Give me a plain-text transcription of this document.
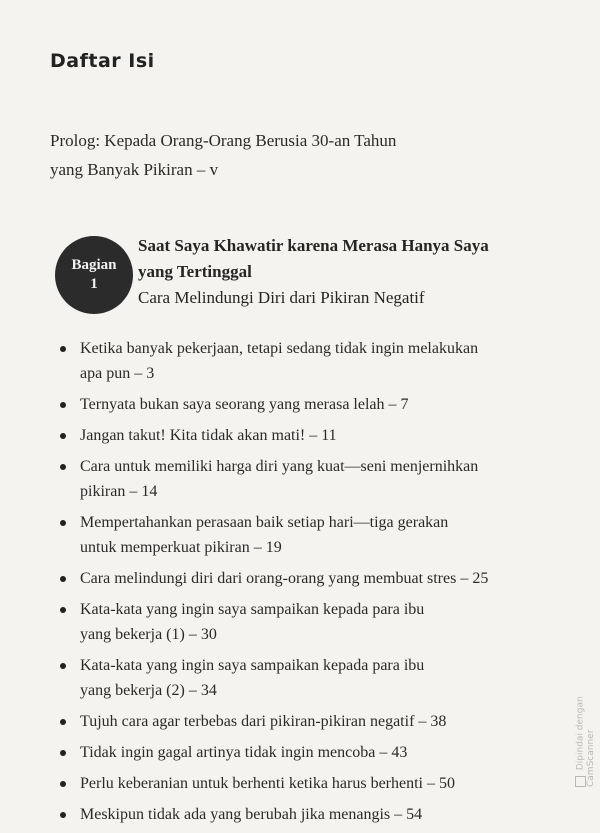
Daftar Isi
Prolog: Kepada Orang-Orang Berusia 30-an Tahun
yang Banyak Pikiran – v
Bagian
1
Saat Saya Khawatir karena Merasa Hanya Saya
yang Tertinggal
Cara Melindungi Diri dari Pikiran Negatif
Ketika banyak pekerjaan, tetapi sedang tidak ingin melakukan
apa pun – 3
Ternyata bukan saya seorang yang merasa lelah – 7
Jangan takut! Kita tidak akan mati! – 11
Cara untuk memiliki harga diri yang kuat—seni menjernihkan
pikiran – 14
Mempertahankan perasaan baik setiap hari—tiga gerakan
untuk memperkuat pikiran – 19
Cara melindungi diri dari orang-orang yang membuat stres – 25
Kata-kata yang ingin saya sampaikan kepada para ibu
yang bekerja (1) – 30
Kata-kata yang ingin saya sampaikan kepada para ibu
yang bekerja (2) – 34
Tujuh cara agar terbebas dari pikiran-pikiran negatif – 38
Tidak ingin gagal artinya tidak ingin mencoba – 43
Perlu keberanian untuk berhenti ketika harus berhenti – 50
Meskipun tidak ada yang berubah jika menangis – 54
Dipindai dengan CamScanner
